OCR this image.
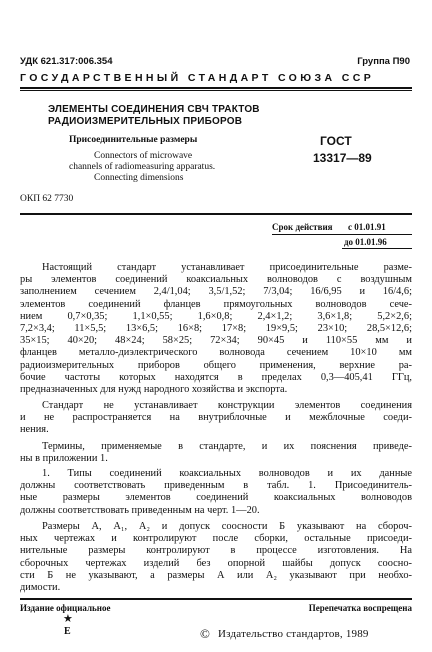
УДК 621.317:006.354	Группа П90
ГОСУДАРСТВЕННЫЙ СТАНДАРТ СОЮЗА ССР
ЭЛЕМЕНТЫ СОЕДИНЕНИЯ СВЧ ТРАКТОВ
РАДИОИЗМЕРИТЕЛЬНЫХ ПРИБОРОВ
Присоединительные размеры
Connectors of microwave
channels of radiomeasuring apparatus.
Connecting dimensions
ГОСТ
13317—89
ОКП 62 7730
Срок действия с 01.01.91
до 01.01.96
Настоящий стандарт устанавливает присоединительные разме-
ры элементов соединений коаксиальных волноводов с воздушным
заполнением сечением 2,4/1,04; 3,5/1,52; 7/3,04; 16/6,95 и 16/4,6;
элементов соединений фланцев прямоугольных волноводов сече-
нием 0,7×0,35; 1,1×0,55; 1,6×0,8; 2,4×1,2; 3,6×1,8; 5,2×2,6;
7,2×3,4; 11×5,5; 13×6,5; 16×8; 17×8; 19×9,5; 23×10; 28,5×12,6;
35×15; 40×20; 48×24; 58×25; 72×34; 90×45 и 110×55 мм и
фланцев металло-диэлектрического волновода сечением 10×10 мм
радиоизмерительных приборов общего применения, верхние ра-
бочие частоты которых находятся в пределах 0,3—405,41 ГГц,
предназначенных для нужд народного хозяйства и экспорта.
Стандарт не устанавливает конструкции элементов соединения
и не распространяется на внутриблочные и межблочные соеди-
нения.
Термины, применяемые в стандарте, и их пояснения приведе-
ны в приложении 1.
1. Типы соединений коаксиальных волноводов и их данные
должны соответствовать приведенным в табл. 1. Присоединитель-
ные размеры элементов соединений коаксиальных волноводов
должны соответствовать приведенным на черт. 1—20.
Размеры А, А₁, А₂ и допуск соосности Б указывают на сбороч-
ных чертежах и контролируют после сборки, остальные присоеди-
нительные размеры контролируют в процессе изготовления. На
сборочных чертежах изделий без опорной шайбы допуск соосно-
сти Б не указывают, а размеры А или А₂ указывают при необхо-
димости.
Издание официальное	Перепечатка воспрещена
★
Е	© Издательство стандартов, 1989
